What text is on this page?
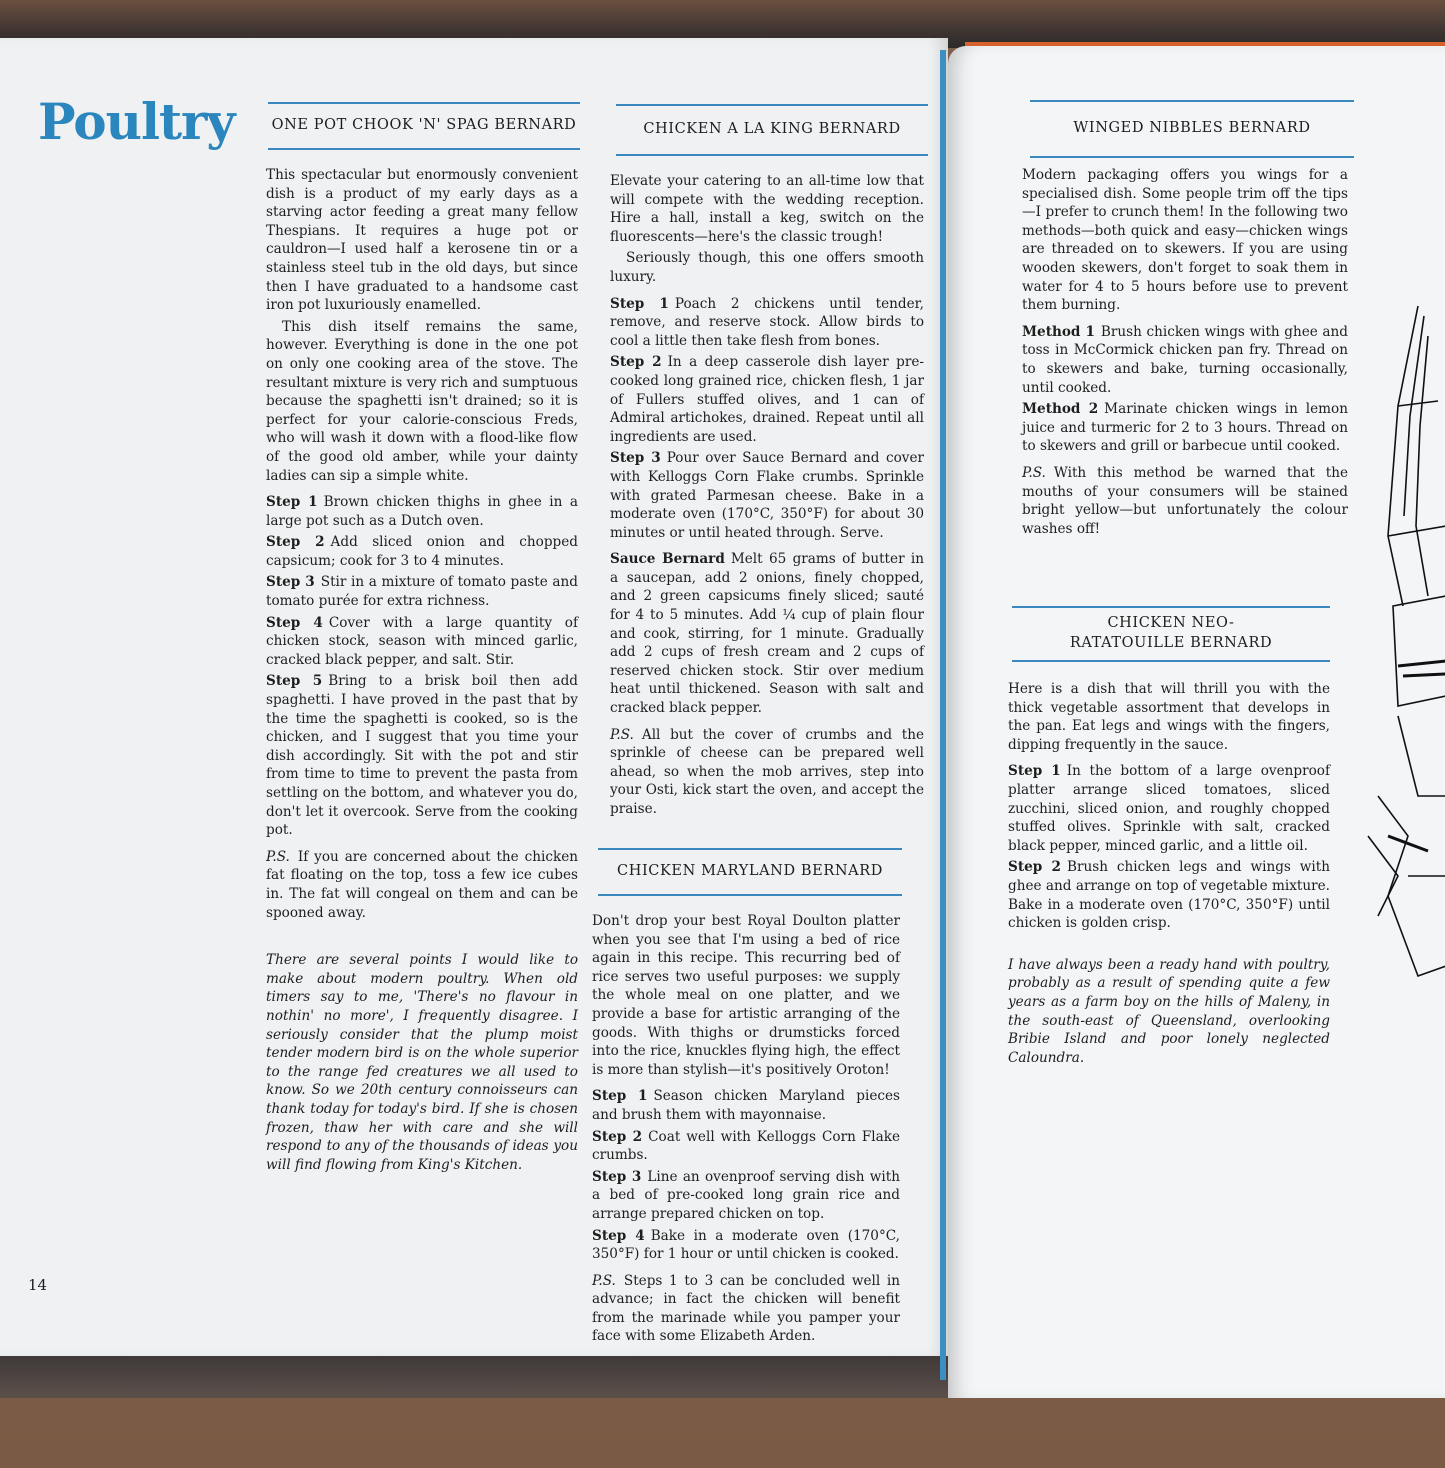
Poultry
14
ONE POT CHOOK 'N' SPAG BERNARD

This spectacular but enormously convenient dish is a product of my early days as a starving actor feeding a great many fellow Thespians. It requires a huge pot or cauldron—I used half a kerosene tin or a stainless steel tub in the old days, but since then I have graduated to a handsome cast iron pot luxuriously enamelled.

This dish itself remains the same, however. Everything is done in the one pot on only one cooking area of the stove. The resultant mixture is very rich and sumptuous because the spaghetti isn't drained; so it is perfect for your calorie-conscious Freds, who will wash it down with a flood-like flow of the good old amber, while your dainty ladies can sip a simple white.

Step 1 Brown chicken thighs in ghee in a large pot such as a Dutch oven.

Step 2 Add sliced onion and chopped capsicum; cook for 3 to 4 minutes.

Step 3 Stir in a mixture of tomato paste and tomato purée for extra richness.

Step 4 Cover with a large quantity of chicken stock, season with minced garlic, cracked black pepper, and salt. Stir.

Step 5 Bring to a brisk boil then add spaghetti. I have proved in the past that by the time the spaghetti is cooked, so is the chicken, and I suggest that you time your dish accordingly. Sit with the pot and stir from time to time to prevent the pasta from settling on the bottom, and whatever you do, don't let it overcook. Serve from the cooking pot.

P.S. If you are concerned about the chicken fat floating on the top, toss a few ice cubes in. The fat will congeal on them and can be spooned away.

There are several points I would like to make about modern poultry. When old timers say to me, 'There's no flavour in nothin' no more', I frequently disagree. I seriously consider that the plump moist tender modern bird is on the whole superior to the range fed creatures we all used to know. So we 20th century connoisseurs can thank today for today's bird. If she is chosen frozen, thaw her with care and she will respond to any of the thousands of ideas you will find flowing from King's Kitchen.

CHICKEN A LA KING BERNARD

Elevate your catering to an all-time low that will compete with the wedding reception. Hire a hall, install a keg, switch on the fluorescents—here's the classic trough!

Seriously though, this one offers smooth luxury.

Step 1 Poach 2 chickens until tender, remove, and reserve stock. Allow birds to cool a little then take flesh from bones.

Step 2 In a deep casserole dish layer pre-cooked long grained rice, chicken flesh, 1 jar of Fullers stuffed olives, and 1 can of Admiral artichokes, drained. Repeat until all ingredients are used.

Step 3 Pour over Sauce Bernard and cover with Kelloggs Corn Flake crumbs. Sprinkle with grated Parmesan cheese. Bake in a moderate oven (170°C, 350°F) for about 30 minutes or until heated through. Serve.

Sauce Bernard Melt 65 grams of butter in a saucepan, add 2 onions, finely chopped, and 2 green capsicums finely sliced; sauté for 4 to 5 minutes. Add ¼ cup of plain flour and cook, stirring, for 1 minute. Gradually add 2 cups of fresh cream and 2 cups of reserved chicken stock. Stir over medium heat until thickened. Season with salt and cracked black pepper.

P.S. All but the cover of crumbs and the sprinkle of cheese can be prepared well ahead, so when the mob arrives, step into your Osti, kick start the oven, and accept the praise.

CHICKEN MARYLAND BERNARD

Don't drop your best Royal Doulton platter when you see that I'm using a bed of rice again in this recipe. This recurring bed of rice serves two useful purposes: we supply the whole meal on one platter, and we provide a base for artistic arranging of the goods. With thighs or drumsticks forced into the rice, knuckles flying high, the effect is more than stylish—it's positively Oroton!

Step 1 Season chicken Maryland pieces and brush them with mayonnaise.

Step 2 Coat well with Kelloggs Corn Flake crumbs.

Step 3 Line an ovenproof serving dish with a bed of pre-cooked long grain rice and arrange prepared chicken on top.

Step 4 Bake in a moderate oven (170°C, 350°F) for 1 hour or until chicken is cooked.

P.S. Steps 1 to 3 can be concluded well in advance; in fact the chicken will benefit from the marinade while you pamper your face with some Elizabeth Arden.

WINGED NIBBLES BERNARD

Modern packaging offers you wings for a specialised dish. Some people trim off the tips—I prefer to crunch them! In the following two methods—both quick and easy—chicken wings are threaded on to skewers. If you are using wooden skewers, don't forget to soak them in water for 4 to 5 hours before use to prevent them burning.

Method 1 Brush chicken wings with ghee and toss in McCormick chicken pan fry. Thread on to skewers and bake, turning occasionally, until cooked.

Method 2 Marinate chicken wings in lemon juice and turmeric for 2 to 3 hours. Thread on to skewers and grill or barbecue until cooked.

P.S. With this method be warned that the mouths of your consumers will be stained bright yellow—but unfortunately the colour washes off!

CHICKEN NEO-RATATOUILLE BERNARD

Here is a dish that will thrill you with the thick vegetable assortment that develops in the pan. Eat legs and wings with the fingers, dipping frequently in the sauce.

Step 1 In the bottom of a large ovenproof platter arrange sliced tomatoes, sliced zucchini, sliced onion, and roughly chopped stuffed olives. Sprinkle with salt, cracked black pepper, minced garlic, and a little oil.

Step 2 Brush chicken legs and wings with ghee and arrange on top of vegetable mixture. Bake in a moderate oven (170°C, 350°F) until chicken is golden crisp.

I have always been a ready hand with poultry, probably as a result of spending quite a few years as a farm boy on the hills of Maleny, in the south-east of Queensland, overlooking Bribie Island and poor lonely neglected Caloundra.
